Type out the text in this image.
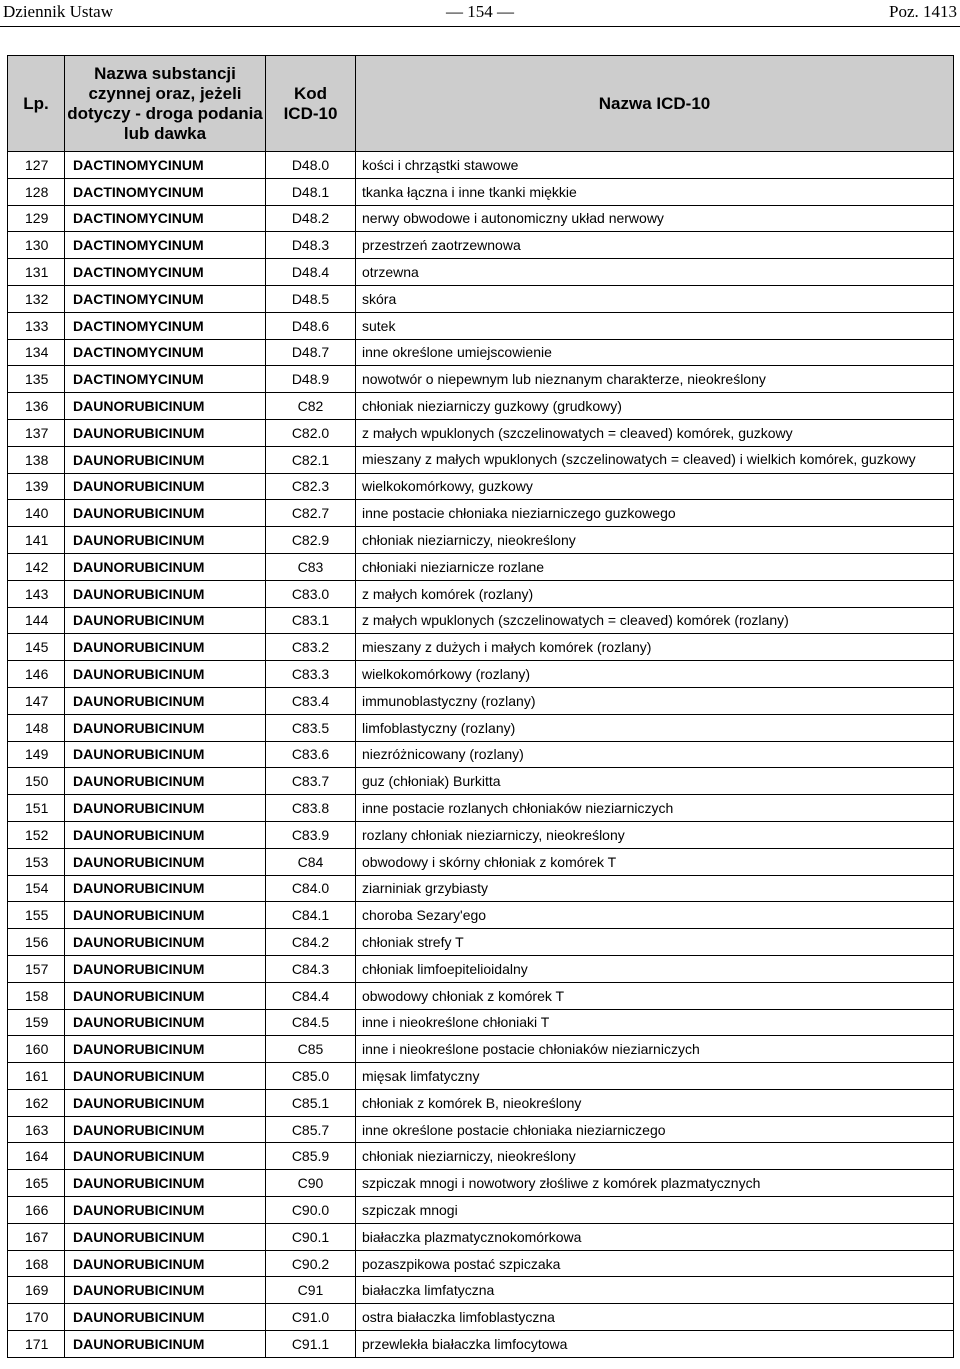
Dziennik Ustaw	— 154 —	Poz. 1413
Lp.	Nazwa substancji czynnej oraz, jeżeli dotyczy - droga podania lub dawka	Kod ICD-10	Nazwa ICD-10
127	DACTINOMYCINUM	D48.0	kości i chrząstki stawowe
128	DACTINOMYCINUM	D48.1	tkanka łączna i inne tkanki miękkie
129	DACTINOMYCINUM	D48.2	nerwy obwodowe i autonomiczny układ nerwowy
130	DACTINOMYCINUM	D48.3	przestrzeń zaotrzewnowa
131	DACTINOMYCINUM	D48.4	otrzewna
132	DACTINOMYCINUM	D48.5	skóra
133	DACTINOMYCINUM	D48.6	sutek
134	DACTINOMYCINUM	D48.7	inne określone umiejscowienie
135	DACTINOMYCINUM	D48.9	nowotwór o niepewnym lub nieznanym charakterze, nieokreślony
136	DAUNORUBICINUM	C82	chłoniak nieziarniczy guzkowy (grudkowy)
137	DAUNORUBICINUM	C82.0	z małych wpuklonych (szczelinowatych = cleaved) komórek, guzkowy
138	DAUNORUBICINUM	C82.1	mieszany z małych wpuklonych (szczelinowatych = cleaved) i wielkich komórek, guzkowy
139	DAUNORUBICINUM	C82.3	wielkokomórkowy, guzkowy
140	DAUNORUBICINUM	C82.7	inne postacie chłoniaka nieziarniczego guzkowego
141	DAUNORUBICINUM	C82.9	chłoniak nieziarniczy, nieokreślony
142	DAUNORUBICINUM	C83	chłoniaki nieziarnicze rozlane
143	DAUNORUBICINUM	C83.0	z małych komórek (rozlany)
144	DAUNORUBICINUM	C83.1	z małych wpuklonych (szczelinowatych = cleaved) komórek (rozlany)
145	DAUNORUBICINUM	C83.2	mieszany z dużych i małych komórek (rozlany)
146	DAUNORUBICINUM	C83.3	wielkokomórkowy (rozlany)
147	DAUNORUBICINUM	C83.4	immunoblastyczny (rozlany)
148	DAUNORUBICINUM	C83.5	limfoblastyczny (rozlany)
149	DAUNORUBICINUM	C83.6	niezróżnicowany (rozlany)
150	DAUNORUBICINUM	C83.7	guz (chłoniak) Burkitta
151	DAUNORUBICINUM	C83.8	inne postacie rozlanych chłoniaków nieziarniczych
152	DAUNORUBICINUM	C83.9	rozlany chłoniak nieziarniczy, nieokreślony
153	DAUNORUBICINUM	C84	obwodowy i skórny chłoniak z komórek T
154	DAUNORUBICINUM	C84.0	ziarniniak grzybiasty
155	DAUNORUBICINUM	C84.1	choroba Sezary'ego
156	DAUNORUBICINUM	C84.2	chłoniak strefy T
157	DAUNORUBICINUM	C84.3	chłoniak limfoepitelioidalny
158	DAUNORUBICINUM	C84.4	obwodowy chłoniak z komórek T
159	DAUNORUBICINUM	C84.5	inne i nieokreślone chłoniaki T
160	DAUNORUBICINUM	C85	inne i nieokreślone postacie chłoniaków nieziarniczych
161	DAUNORUBICINUM	C85.0	mięsak limfatyczny
162	DAUNORUBICINUM	C85.1	chłoniak z komórek B, nieokreślony
163	DAUNORUBICINUM	C85.7	inne określone postacie chłoniaka nieziarniczego
164	DAUNORUBICINUM	C85.9	chłoniak nieziarniczy, nieokreślony
165	DAUNORUBICINUM	C90	szpiczak mnogi i nowotwory złośliwe z komórek plazmatycznych
166	DAUNORUBICINUM	C90.0	szpiczak mnogi
167	DAUNORUBICINUM	C90.1	białaczka plazmatycznokomórkowa
168	DAUNORUBICINUM	C90.2	pozaszpikowa postać szpiczaka
169	DAUNORUBICINUM	C91	białaczka limfatyczna
170	DAUNORUBICINUM	C91.0	ostra białaczka limfoblastyczna
171	DAUNORUBICINUM	C91.1	przewlekła białaczka limfocytowa
